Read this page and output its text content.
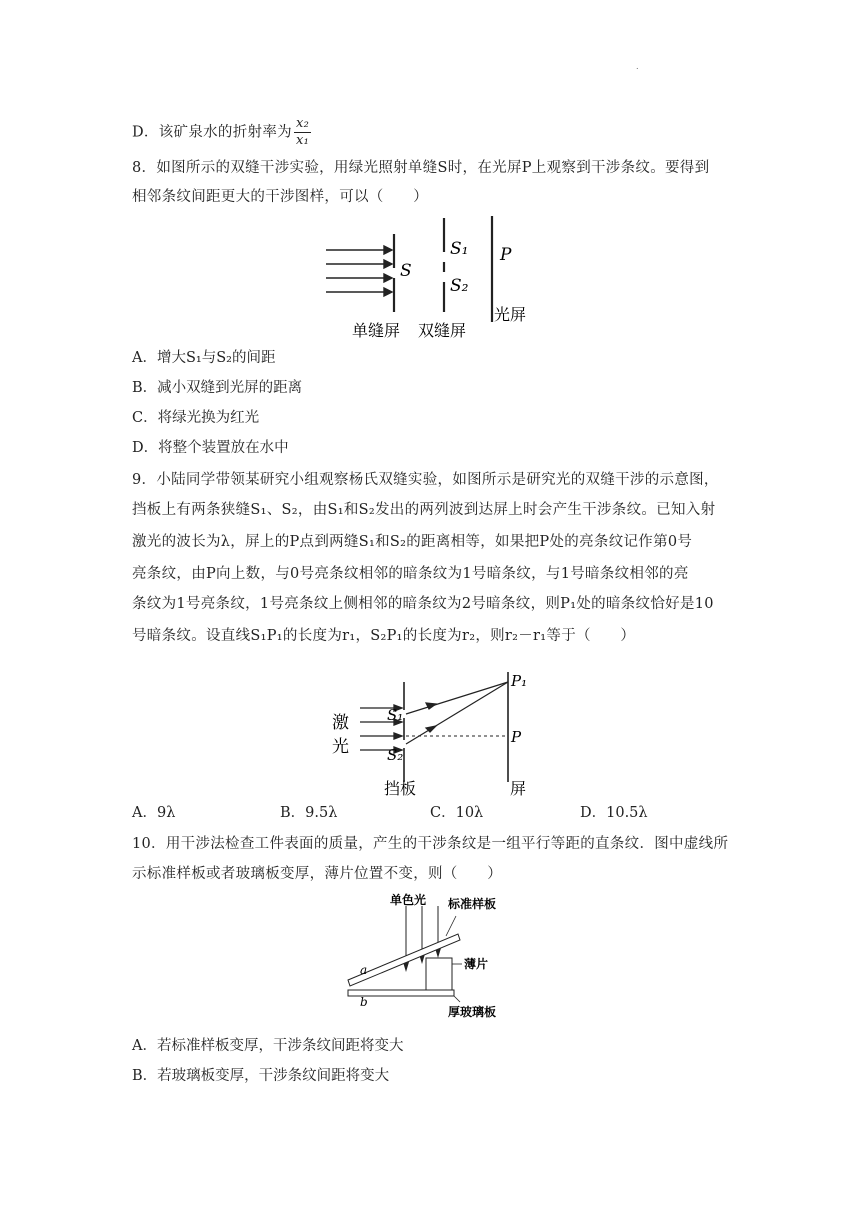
.
D．该矿泉水的折射率为 $\frac{\text{x₂}}{\text{x₁}}$
8．如图所示的双缝干涉实验，用绿光照射单缝S时，在光屏P上观察到干涉条纹。要得到
相邻条纹间距更大的干涉图样，可以（　　）
S
S₁
S₂
P
光屏
单缝屏 双缝屏
A．增大S₁与S₂的间距
B．减小双缝到光屏的距离
C．将绿光换为红光
D．将整个装置放在水中
9．小陆同学带领某研究小组观察杨氏双缝实验，如图所示是研究光的双缝干涉的示意图，
挡板上有两条狭缝S₁、S₂，由S₁和S₂发出的两列波到达屏上时会产生干涉条纹。已知入射
激光的波长为λ，屏上的P点到两缝S₁和S₂的距离相等，如果把P处的亮条纹记作第0号
亮条纹，由P向上数，与0号亮条纹相邻的暗条纹为1号暗条纹，与1号暗条纹相邻的亮
条纹为1号亮条纹，1号亮条纹上侧相邻的暗条纹为2号暗条纹，则P₁处的暗条纹恰好是10
号暗条纹。设直线S₁P₁的长度为r₁，S₂P₁的长度为r₂，则r₂－r₁等于（　　）
激
光
S₁
S₂
P₁
P
挡板	屏
A．9λ	B．9.5λ	C．10λ	D．10.5λ
10．用干涉法检查工件表面的质量，产生的干涉条纹是一组平行等距的直条纹．图中虚线所
示标准样板或者玻璃板变厚，薄片位置不变，则（　　）
单色光 标准样板
薄片
厚玻璃板
a
b
A．若标准样板变厚，干涉条纹间距将变大
B．若玻璃板变厚，干涉条纹间距将变大
